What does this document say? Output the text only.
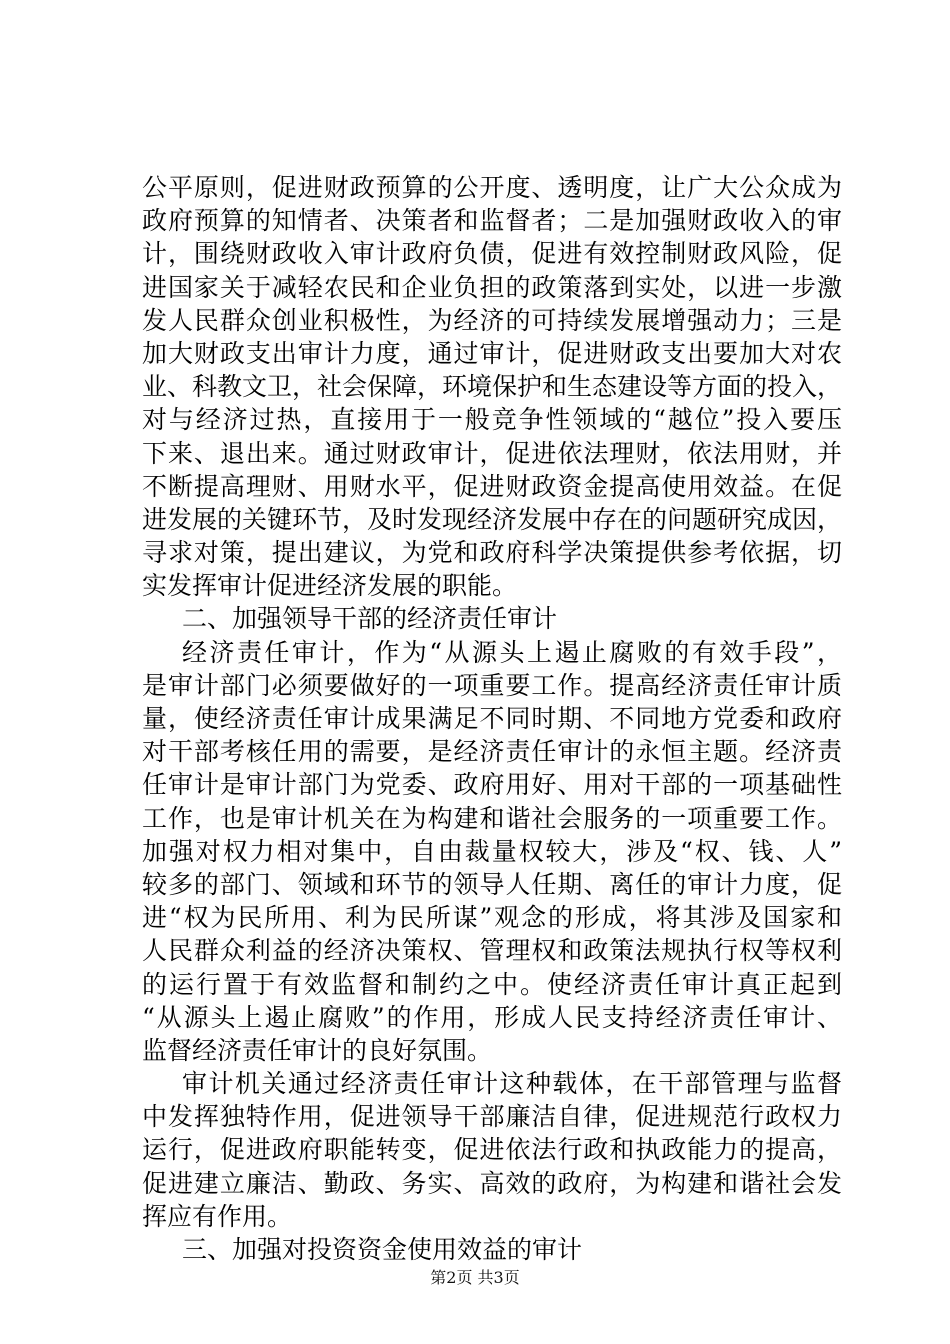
公平原则，促进财政预算的公开度、透明度，让广大公众成为
政府预算的知情者、决策者和监督者；二是加强财政收入的审
计，围绕财政收入审计政府负债，促进有效控制财政风险，促
进国家关于减轻农民和企业负担的政策落到实处，以进一步激
发人民群众创业积极性，为经济的可持续发展增强动力；三是
加大财政支出审计力度，通过审计，促进财政支出要加大对农
业、科教文卫，社会保障，环境保护和生态建设等方面的投入，
对与经济过热，直接用于一般竞争性领域的“越位”投入要压
下来、退出来。通过财政审计，促进依法理财，依法用财，并
不断提高理财、用财水平，促进财政资金提高使用效益。在促
进发展的关键环节，及时发现经济发展中存在的问题研究成因，
寻求对策，提出建议，为党和政府科学决策提供参考依据，切
实发挥审计促进经济发展的职能。
二、加强领导干部的经济责任审计
经济责任审计，作为“从源头上遏止腐败的有效手段”，
是审计部门必须要做好的一项重要工作。提高经济责任审计质
量，使经济责任审计成果满足不同时期、不同地方党委和政府
对干部考核任用的需要，是经济责任审计的永恒主题。经济责
任审计是审计部门为党委、政府用好、用对干部的一项基础性
工作，也是审计机关在为构建和谐社会服务的一项重要工作。
加强对权力相对集中，自由裁量权较大，涉及“权、钱、人”
较多的部门、领域和环节的领导人任期、离任的审计力度，促
进“权为民所用、利为民所谋”观念的形成，将其涉及国家和
人民群众利益的经济决策权、管理权和政策法规执行权等权利
的运行置于有效监督和制约之中。使经济责任审计真正起到
“从源头上遏止腐败”的作用，形成人民支持经济责任审计、
监督经济责任审计的良好氛围。
审计机关通过经济责任审计这种载体，在干部管理与监督
中发挥独特作用，促进领导干部廉洁自律，促进规范行政权力
运行，促进政府职能转变，促进依法行政和执政能力的提高，
促进建立廉洁、勤政、务实、高效的政府，为构建和谐社会发
挥应有作用。
三、加强对投资资金使用效益的审计
第2页 共3页
